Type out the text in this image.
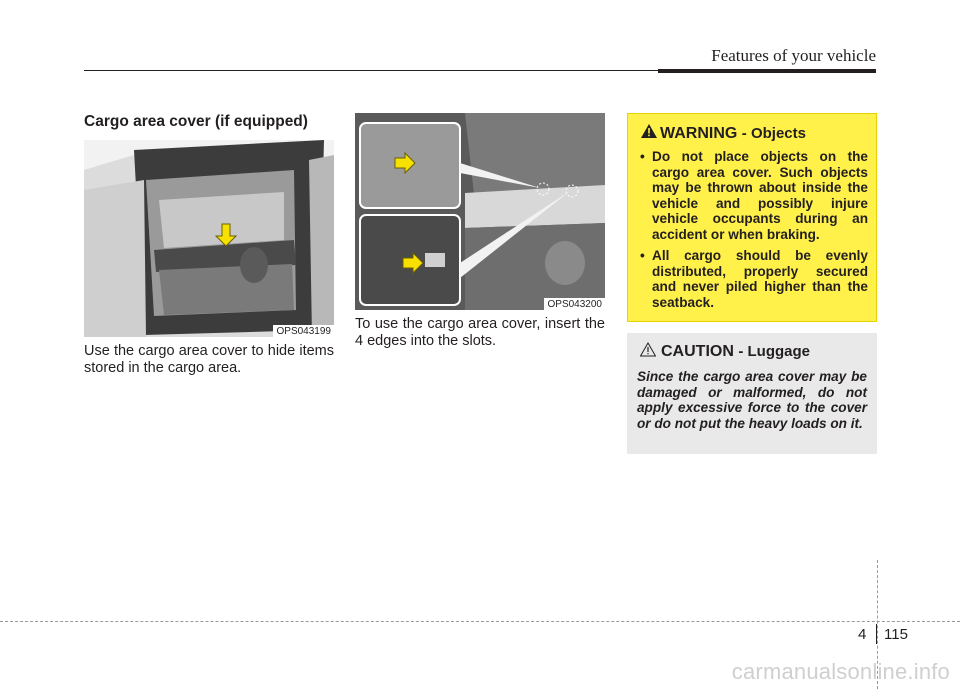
Features of your vehicle
Cargo area cover (if equipped)
OPS043199
Use the cargo area cover to hide items stored in the cargo area.
OPS043200
To use the cargo area cover, insert the 4 edges into the slots.
WARNING - Objects
• Do not place objects on the cargo area cover. Such objects may be thrown about inside the vehicle and possibly injure vehicle occupants during an accident or when braking.
• All cargo should be evenly distributed, properly secured and never piled higher than the seatback.
CAUTION - Luggage
Since the cargo area cover may be damaged or malformed, do not apply excessive force to the cover or do not put the heavy loads on it.
4 115
carmanualsonline.info
